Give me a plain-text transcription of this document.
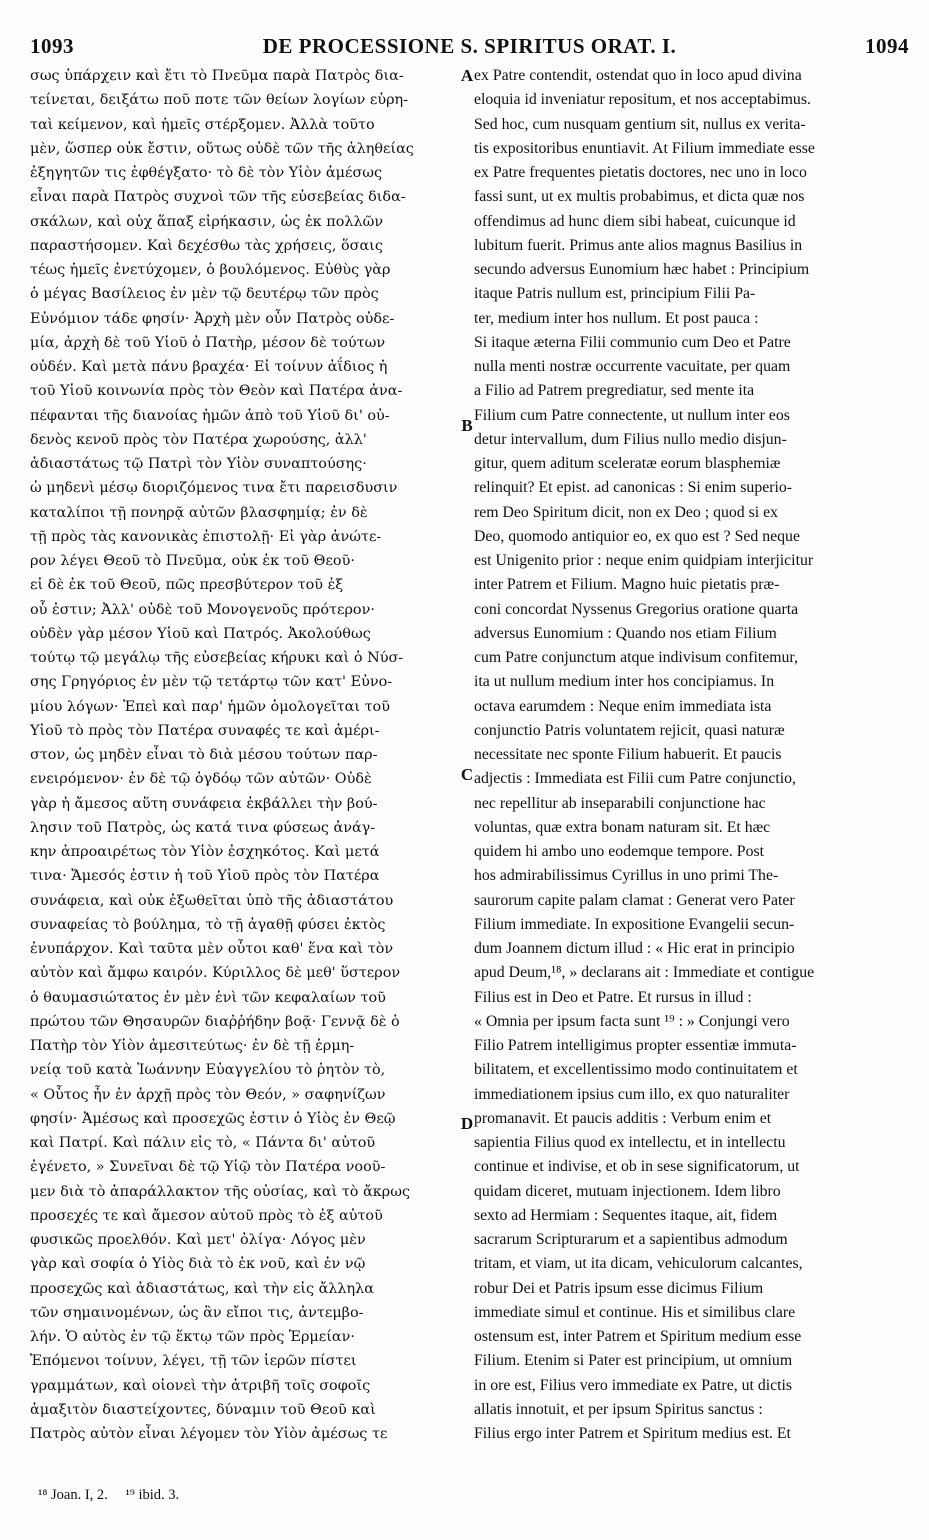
1093	DE PROCESSIONE S. SPIRITUS ORAT. I.	1094
σως ὑπάρχειν καὶ ἔτι τὸ Πνεῦμα παρὰ Πατρὸς δια-
τείνεται, δειξάτω ποῦ ποτε τῶν θείων λογίων εὑρη-
ταὶ κείμενον, καὶ ἡμεῖς στέρξομεν. Ἀλλὰ τοῦτο
μὲν, ὥσπερ οὐκ ἔστιν, οὕτως οὐδὲ τῶν τῆς ἀληθείας
ἐξηγητῶν τις ἐφθέγξατο· τὸ δὲ τὸν Υἱὸν ἀμέσως
εἶναι παρὰ Πατρὸς συχνοὶ τῶν τῆς εὐσεβείας διδα-
σκάλων, καὶ οὐχ ἅπαξ εἰρήκασιν, ὡς ἐκ πολλῶν
παραστήσομεν. Καὶ δεχέσθω τὰς χρήσεις, ὅσαις
τέως ἡμεῖς ἐνετύχομεν, ὁ βουλόμενος. Εὐθὺς γὰρ
ὁ μέγας Βασίλειος ἐν μὲν τῷ δευτέρῳ τῶν πρὸς
Εὐνόμιον τάδε φησίν· Ἀρχὴ μὲν οὖν Πατρὸς οὐδε-
μία, ἀρχὴ δὲ τοῦ Υἱοῦ ὁ Πατὴρ, μέσον δὲ τούτων
οὐδέν. Καὶ μετὰ πάνυ βραχέα· Εἰ τοίνυν ἀΐδιος ἡ
τοῦ Υἱοῦ κοινωνία πρὸς τὸν Θεὸν καὶ Πατέρα ἀνα-
πέφανται τῆς διανοίας ἡμῶν ἀπὸ τοῦ Υἱοῦ δι' οὐ-
δενὸς κενοῦ πρὸς τὸν Πατέρα χωρούσης, ἀλλ'
ἀδιαστάτως τῷ Πατρὶ τὸν Υἱὸν συναπτούσης·
ὡ μηδενὶ μέσῳ διοριζόμενος τινα ἔτι παρεισδυσιν
καταλίποι τῇ πονηρᾷ αὐτῶν βλασφημίᾳ; ἐν δὲ
τῇ πρὸς τὰς κανονικὰς ἐπιστολῇ· Εἰ γὰρ ἀνώτε-
ρον λέγει Θεοῦ τὸ Πνεῦμα, οὐκ ἐκ τοῦ Θεοῦ·
εἰ δὲ ἐκ τοῦ Θεοῦ, πῶς πρεσβύτερον τοῦ ἐξ
οὗ ἐστιν; Ἀλλ' οὐδὲ τοῦ Μονογενοῦς πρότερον·
οὐδὲν γὰρ μέσον Υἱοῦ καὶ Πατρός. Ἀκολούθως
τούτῳ τῷ μεγάλῳ τῆς εὐσεβείας κήρυκι καὶ ὁ Νύσ-
σης Γρηγόριος ἐν μὲν τῷ τετάρτῳ τῶν κατ' Εὐνο-
μίου λόγων· Ἐπεὶ καὶ παρ' ἡμῶν ὁμολογεῖται τοῦ
Υἱοῦ τὸ πρὸς τὸν Πατέρα συναφές τε καὶ ἀμέρι-
στον, ὡς μηδὲν εἶναι τὸ διὰ μέσου τούτων παρ-
ενειρόμενον· ἐν δὲ τῷ ὀγδόῳ τῶν αὐτῶν· Οὐδὲ
γὰρ ἡ ἄμεσος αὕτη συνάφεια ἐκβάλλει τὴν βού-
λησιν τοῦ Πατρὸς, ὡς κατά τινα φύσεως ἀνάγ-
κην ἀπροαιρέτως τὸν Υἱὸν ἐσχηκότος. Καὶ μετά
τινα· Ἄμεσός ἐστιν ἡ τοῦ Υἱοῦ πρὸς τὸν Πατέρα
συνάφεια, καὶ οὐκ ἐξωθεῖται ὑπὸ τῆς ἀδιαστάτου
συναφείας τὸ βούλημα, τὸ τῇ ἀγαθῇ φύσει ἐκτὸς
ἐνυπάρχον. Καὶ ταῦτα μὲν οὗτοι καθ' ἕνα καὶ τὸν
αὐτὸν καὶ ἄμφω καιρόν. Κύριλλος δὲ μεθ' ὕστερον
ὁ θαυμασιώτατος ἐν μὲν ἑνὶ τῶν κεφαλαίων τοῦ
πρώτου τῶν Θησαυρῶν διαῤῥήδην βοᾷ· Γεννᾷ δὲ ὁ
Πατὴρ τὸν Υἱὸν ἀμεσιτεύτως· ἐν δὲ τῇ ἑρμη-
νείᾳ τοῦ κατὰ Ἰωάννην Εὐαγγελίου τὸ ῥητὸν τὸ,
« Οὗτος ἦν ἐν ἀρχῇ πρὸς τὸν Θεόν, » σαφηνίζων
φησίν· Ἀμέσως καὶ προσεχῶς ἐστιν ὁ Υἱὸς ἐν Θεῷ
καὶ Πατρί. Καὶ πάλιν εἰς τὸ, « Πάντα δι' αὐτοῦ
ἐγένετο, » Συνεῖναι δὲ τῷ Υἱῷ τὸν Πατέρα νοοῦ-
μεν διὰ τὸ ἀπαράλλακτον τῆς οὐσίας, καὶ τὸ ἄκρως
προσεχές τε καὶ ἄμεσον αὐτοῦ πρὸς τὸ ἐξ αὐτοῦ
φυσικῶς προελθόν. Καὶ μετ' ὀλίγα· Λόγος μὲν
γὰρ καὶ σοφία ὁ Υἱὸς διὰ τὸ ἐκ νοῦ, καὶ ἐν νῷ
προσεχῶς καὶ ἀδιαστάτως, καὶ τὴν εἰς ἄλληλα
τῶν σημαινομένων, ὡς ἂν εἴποι τις, ἀντεμβο-
λήν. Ὁ αὐτὸς ἐν τῷ ἕκτῳ τῶν πρὸς Ἑρμείαν·
Ἑπόμενοι τοίνυν, λέγει, τῇ τῶν ἱερῶν πίστει
γραμμάτων, καὶ οἱονεὶ τὴν ἀτριβῆ τοῖς σοφοῖς
ἁμαξιτὸν διαστείχοντες, δύναμιν τοῦ Θεοῦ καὶ
Πατρὸς αὐτὸν εἶναι λέγομεν τὸν Υἱὸν ἀμέσως τε
ex Patre contendit, ostendat quo in loco apud divina
eloquia id inveniatur repositum, et nos acceptabimus.
Sed hoc, cum nusquam gentium sit, nullus ex verita-
tis expositoribus enuntiavit. At Filium immediate esse
ex Patre frequentes pietatis doctores, nec uno in loco
fassi sunt, ut ex multis probabimus, et dicta quæ nos
offendimus ad hunc diem sibi habeat, cuicunque id
lubitum fuerit. Primus ante alios magnus Basilius in
secundo adversus Eunomium hæc habet : Principium
itaque Patris nullum est, principium Filii Pa-
ter, medium inter hos nullum. Et post pauca :
Si itaque æterna Filii communio cum Deo et Patre
nulla menti nostræ occurrente vacuitate, per quam
a Filio ad Patrem pregrediatur, sed mente ita
Filium cum Patre connectente, ut nullum inter eos
detur intervallum, dum Filius nullo medio disjun-
gitur, quem aditum sceleratæ eorum blasphemiæ
relinquit? Et epist. ad canonicas : Si enim superio-
rem Deo Spiritum dicit, non ex Deo ; quod si ex
Deo, quomodo antiquior eo, ex quo est ? Sed neque
est Unigenito prior : neque enim quidpiam interjicitur
inter Patrem et Filium. Magno huic pietatis præ-
coni concordat Nyssenus Gregorius oratione quarta
adversus Eunomium : Quando nos etiam Filium
cum Patre conjunctum atque indivisum confitemur,
ita ut nullum medium inter hos concipiamus. In
octava earumdem : Neque enim immediata ista
conjunctio Patris voluntatem rejicit, quasi naturæ
necessitate nec sponte Filium habuerit. Et paucis
adjectis : Immediata est Filii cum Patre conjunctio,
nec repellitur ab inseparabili conjunctione hac
voluntas, quæ extra bonam naturam sit. Et hæc
quidem hi ambo uno eodemque tempore. Post
hos admirabilissimus Cyrillus in uno primi The-
saurorum capite palam clamat : Generat vero Pater
Filium immediate. In expositione Evangelii secun-
dum Joannem dictum illud : « Hic erat in principio
apud Deum,¹⁸, » declarans ait : Immediate et contigue
Filius est in Deo et Patre. Et rursus in illud :
« Omnia per ipsum facta sunt ¹⁹ : » Conjungi vero
Filio Patrem intelligimus propter essentiæ immuta-
bilitatem, et excellentissimo modo continuitatem et
immediationem ipsius cum illo, ex quo naturaliter
promanavit. Et paucis additis : Verbum enim et
sapientia Filius quod ex intellectu, et in intellectu
continue et indivise, et ob in sese significatorum, ut
quidam diceret, mutuam injectionem. Idem libro
sexto ad Hermiam : Sequentes itaque, ait, fidem
sacrarum Scripturarum et a sapientibus admodum
tritam, et viam, ut ita dicam, vehiculorum calcantes,
robur Dei et Patris ipsum esse dicimus Filium
immediate simul et continue. His et similibus clare
ostensum est, inter Patrem et Spiritum medium esse
Filium. Etenim si Pater est principium, ut omnium
in ore est, Filius vero immediate ex Patre, ut dictis
allatis innotuit, et per ipsum Spiritus sanctus :
Filius ergo inter Patrem et Spiritum medius est. Et
A
B
C
D
¹⁸ Joan. I, 2. ¹⁹ ibid. 3.
